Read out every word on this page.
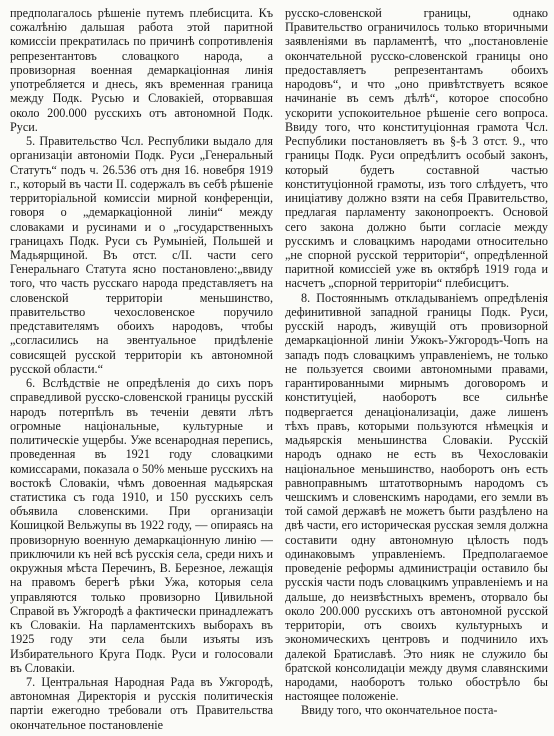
предполагалось рѣшеніе путемъ плебисцита. Къ сожалѣнію дальшая работа этой паритной комиссіи прекратилась по причинѣ сопротивленія репрезентантовъ словацкого народа, а провизорная военная демаркаціонная линія употребляется и днесь, якъ временная граница между Подк. Русью и Словакіей, оторвавшая около 200.000 русскихъ отъ автономной Подк. Руси.

5. Правительство Чсл. Республики выдало для организаціи автономіи Подк. Руси „Генеральный Статутъ“ подъ ч. 26.536 отъ дня 16. новебря 1919 г., который въ части II. содержалъ въ себѣ рѣшеніе территоріальной комиссіи мирной конференціи, говоря о „демаркаціонной линіи“ между словаками и русинами и о „государственныхъ границахъ Подк. Руси съ Румыніей, Польшей и Мадьярщиной. Въ отст. с/II. части сего Генеральнаго Статута ясно постановлено:„ввиду того, что часть русскаго народа представляетъ на словенской территоріи меньшинство, правительство чехословенское поручило представителямъ обоихъ народовъ, чтобы „согласились на эвентуальное придѣленіе совисящей русской территоріи къ автономной русской области.“

6. Вслѣдствіе не опредѣленія до сихъ поръ справедливой русско-словенской границы русскій народъ потерпѣлъ въ теченіи девяти лѣтъ огромные національные, культурные и политическіе ущербы. Уже всенародная перепись, проведенная въ 1921 году словацкими комиссарами, показала о 50% меньше русскихъ на востокѣ Словакіи, чѣмъ довоенная мадьярская статистика съ года 1910, и 150 русскихъ селъ объявила словенскими. При организаціи Кошицкой Вельжупы въ 1922 году, — опираясь на провизорную военную демаркаціонную линію — приключили къ ней всѣ русскія села, среди нихъ и окружныя мѣста Перечинъ, В. Березное, лежащія на правомъ берегѣ рѣки Ужа, которыя села управляются только провизорно Цивильной Справой въ Ужгородѣ а фактически принадлежатъ къ Словакіи. На парламентскихъ выборахъ въ 1925 году эти села были изъяты изъ Избирательного Круга Подк. Руси и голосовали въ Словакіи.

7. Центральная Народная Рада въ Ужгородѣ, автономная Директорія и русскія политическія партіи ежегодно требовали отъ Правительства окончательное постановленіе

русско-словенской границы, однако Правительство ограничилось только вторичными заявленіями въ парламентѣ, что „постановленіе окончательной русско-словенской границы оно предоставляетъ репрезентантамъ обоихъ народовъ“, и что „оно привѣтствуетъ всякое начинаніе въ семъ дѣлѣ“, которое способно ускорити успокоительное рѣшеніе сего вопроса. Ввиду того, что конституціонная грамота Чсл. Республики постановляетъ въ §-ѣ 3 отст. 9., что границы Подк. Руси опредѣлитъ особый законъ, который будетъ составной частью конституціонной грамоты, изъ того слѣдуетъ, что иниціативу должно взяти на себя Правительство, предлагая парламенту законопроектъ. Основой сего закона должно быти согласіе между русскимъ и словацкимъ народами относительно „не спорной русской территоріи“, опредѣленной паритной комиссіей уже въ октябрѣ 1919 года и насчетъ „спорной территоріи“ плебисцитъ.

8. Постояннымъ откладываніемъ опредѣленія дефинитивной западной границы Подк. Руси, русскій народъ, живущій отъ провизорной демаркаціонной линіи Ужокъ-Ужгородъ-Чопъ на западъ подъ словацкимъ управленіемъ, не только не пользуется своими автономными правами, гарантированными мирнымъ договоромъ и конституціей, наоборотъ все сильнѣе подвергается денаціонализаціи, даже лишенъ тѣхъ правъ, которыми пользуются нѣмецкія и мадьярскія меньшинства Словакіи. Русскій народъ однако не есть въ Чехословакіи національное меньшинство, наоборотъ онъ есть равноправнымъ штатотворнымъ народомъ съ чешскимъ и словенскимъ народами, его земли въ той самой державѣ не можетъ быти раздѣлено на двѣ части, его историческая русская земля должна составити одну автономную цѣлость подъ одинаковымъ управленіемъ. Предполагаемое проведеніе реформы администраціи оставило бы русскія части подъ словацкимъ управленіемъ и на дальше, до неизвѣстныхъ временъ, оторвало бы около 200.000 русскихъ отъ автономной русской территоріи, отъ своихъ культурныхъ и экономическихъ центровъ и подчинило ихъ далекой Братиславѣ. Это нияк не служило бы братской консолидаціи между двумя славянскими народами, наоборотъ только обострѣло бы настоящее положеніе.

Ввиду того, что окончательное поста-
